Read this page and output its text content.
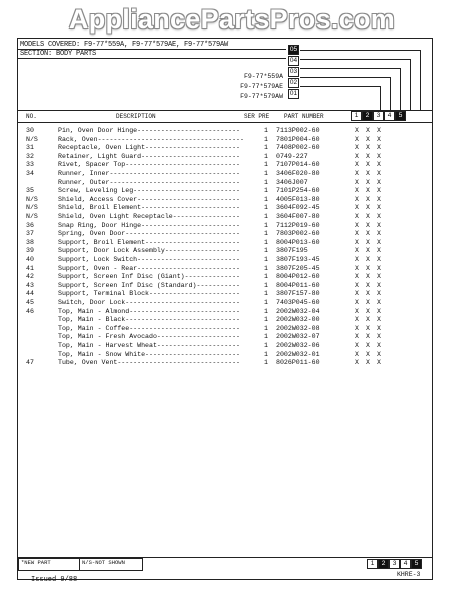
AppliancePartsPros.com
MODELS COVERED: F9-77*559A, F9-77*579AE, F9-77*579AW
SECTION: BODY PARTS
F9-77*559A
F9-77*579AE
F9-77*579AW
05
04
03
02
01
NO.	DESCRIPTION	SER PRE PART NUMBER	1	2	3	4	5
30	Pin, Oven Door Hinge--------------------------	1	7113P002-60	X	X	X
N/S	Rack, Oven-------------------------------------	1	7801P004-60	X	X	X
31	Receptacle, Oven Light------------------------	1	7408P002-60	X	X	X
32	Retainer, Light Guard-------------------------	1	0749-227	X	X	X
33	Rivet, Spacer Top-----------------------------	1	7107P014-60	X	X	X
34	Runner, Inner---------------------------------	1	3406F020-80	X	X	X
Runner, Outer---------------------------------	1	3406J007	X	X	X
35	Screw, Leveling Leg---------------------------	1	7101P254-60	X	X	X
N/S	Shield, Access Cover--------------------------	1	4005F013-80	X	X	X
N/S	Shield, Broil Element-------------------------	1	3604F092-45	X	X	X
N/S	Shield, Oven Light Receptacle-----------------	1	3604F007-80	X	X	X
36	Snap Ring, Door Hinge-------------------------	1	7112P019-60	X	X	X
37	Spring, Oven Door-----------------------------	1	7803P002-60	X	X	X
38	Support, Broil Element------------------------	1	8004P013-60	X	X	X
39	Support, Door Lock Assembly-------------------	1	3807F195	X	X	X
40	Support, Lock Switch--------------------------	1	3807F193-45	X	X	X
41	Support, Oven - Rear--------------------------	1	3807F205-45	X	X	X
42	Support, Screen Inf Disc (Giant)--------------	1	8004P012-60	X	X	X
43	Support, Screen Inf Disc (Standard)-----------	1	8004P011-60	X	X	X
44	Support, Terminal Block-----------------------	1	3807F157-80	X	X	X
45	Switch, Door Lock-----------------------------	1	7403P045-60	X	X	X
46	Top, Main - Almond----------------------------	1	2002W032-04	X	X	X
Top, Main - Black-----------------------------	1	2002W032-00	X	X	X
Top, Main - Coffee----------------------------	1	2002W032-08	X	X	X
Top, Main - Fresh Avocado---------------------	1	2002W032-07	X	X	X
Top, Main - Harvest Wheat---------------------	1	2002W032-06	X	X	X
Top, Main - Snow White------------------------	1	2002W032-01	X	X	X
47	Tube, Oven Vent-------------------------------	1	8026P011-60	X	X	X
*NEW PART	N/S-NOT SHOWN	1	2	3	4	5
Issued 9/88
KHRE-3
